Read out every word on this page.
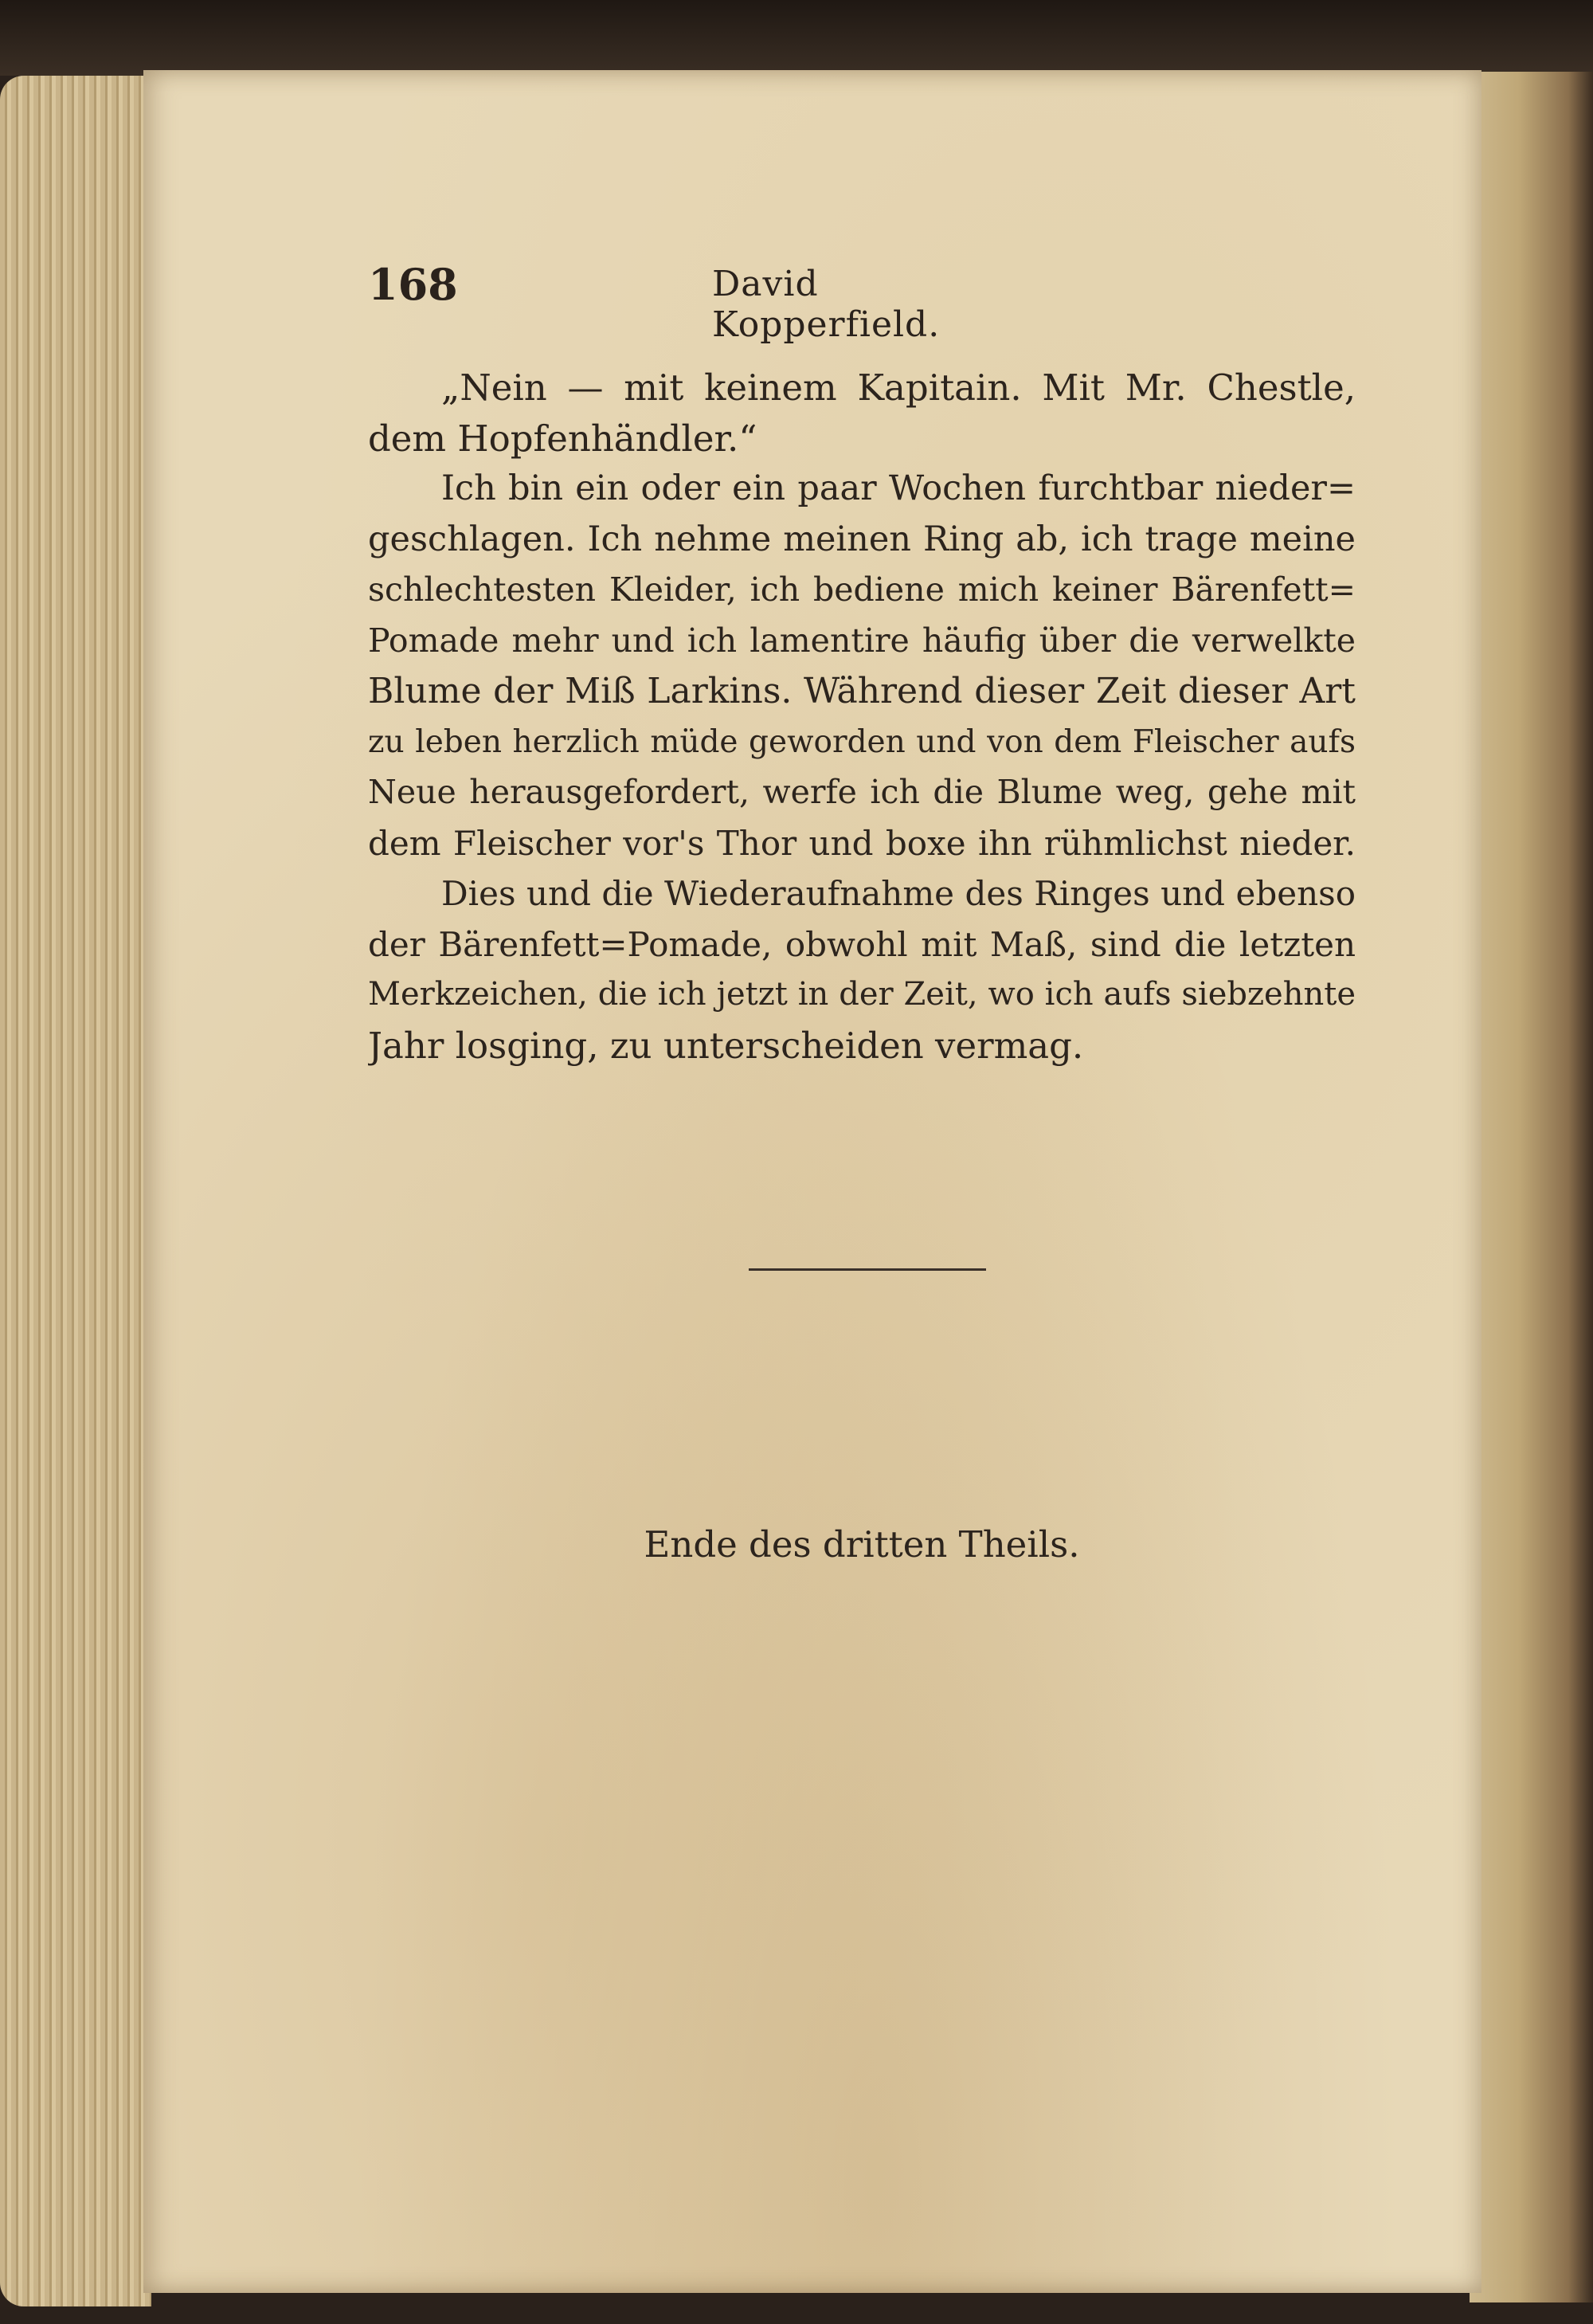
168	David Kopperfield.
„Nein — mit keinem Kapitain. Mit Mr. Chestle,
dem Hopfenhändler.“
Ich bin ein oder ein paar Wochen furchtbar nieder=
geschlagen. Ich nehme meinen Ring ab, ich trage meine
schlechtesten Kleider, ich bediene mich keiner Bärenfett=
Pomade mehr und ich lamentire häufig über die verwelkte
Blume der Miß Larkins. Während dieser Zeit dieser Art
zu leben herzlich müde geworden und von dem Fleischer aufs
Neue herausgefordert, werfe ich die Blume weg, gehe mit
dem Fleischer vor's Thor und boxe ihn rühmlichst nieder.
Dies und die Wiederaufnahme des Ringes und ebenso
der Bärenfett=Pomade, obwohl mit Maß, sind die letzten
Merkzeichen, die ich jetzt in der Zeit, wo ich aufs siebzehnte
Jahr losging, zu unterscheiden vermag.
Ende des dritten Theils.
